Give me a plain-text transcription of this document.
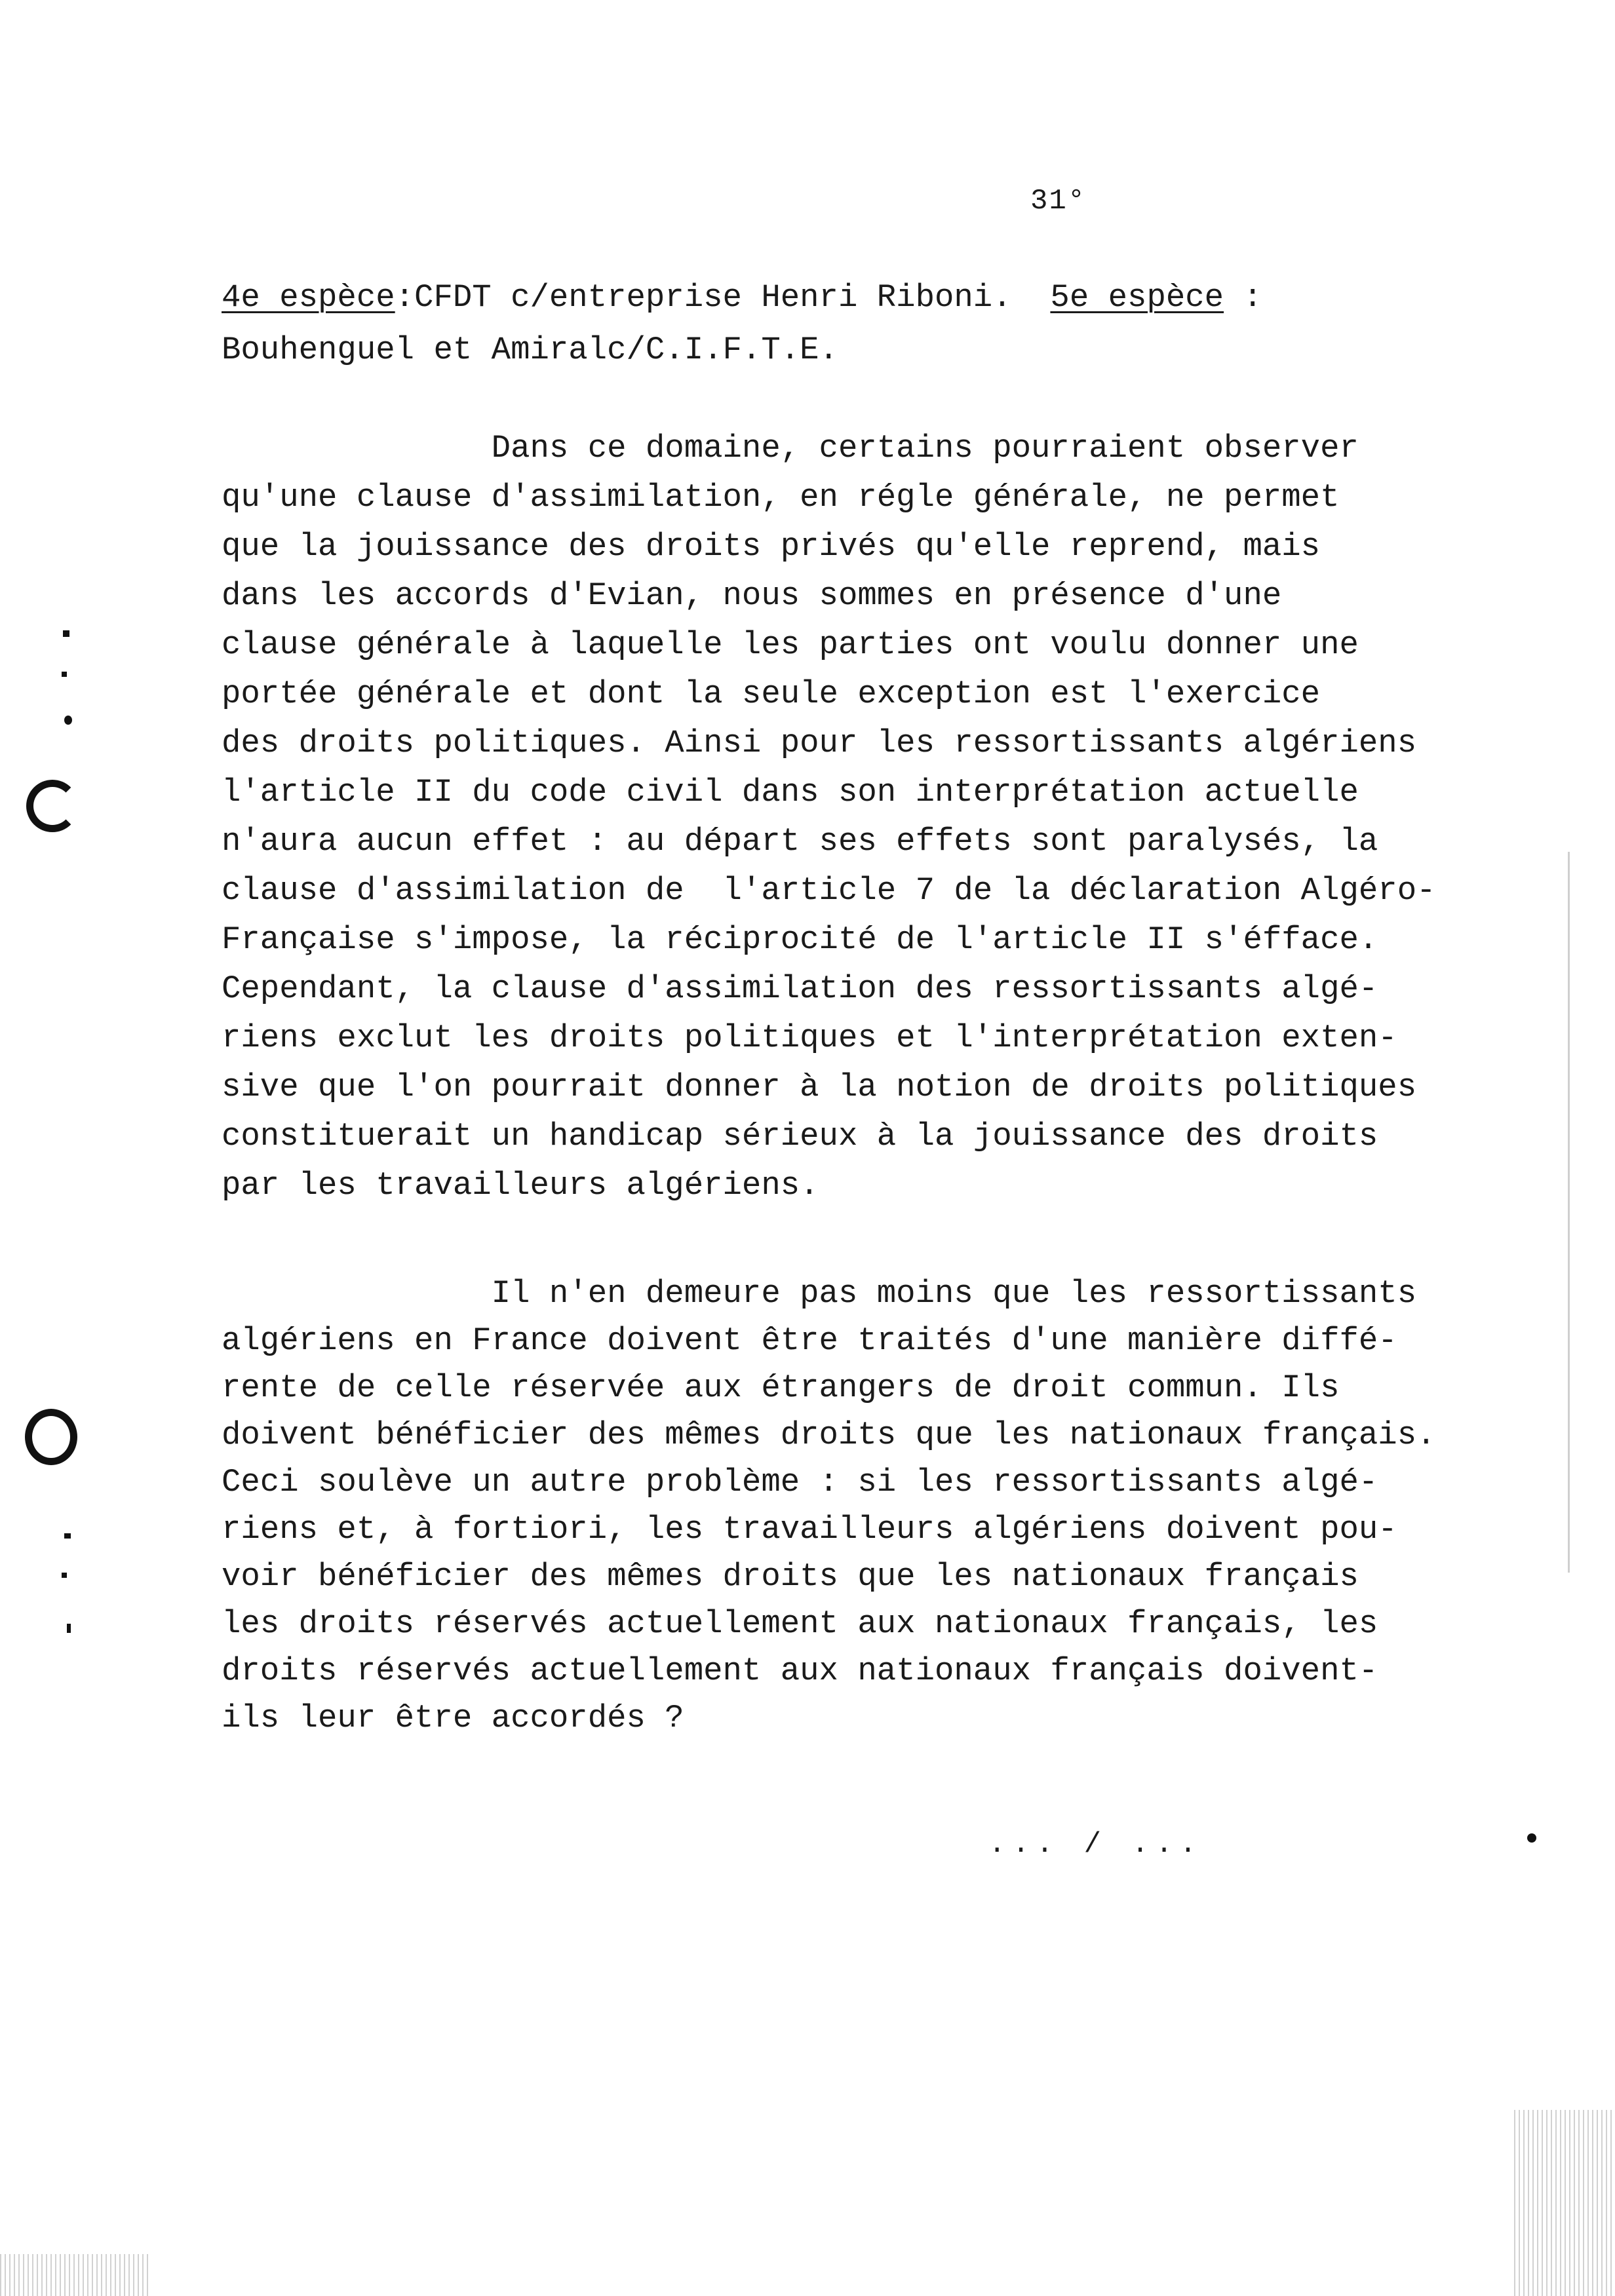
31°
4e espèce:CFDT c/entreprise Henri Riboni. 5e espèce :
Bouhenguel et Amiralc/C.I.F.T.E.
Dans ce domaine, certains pourraient observer
qu'une clause d'assimilation, en régle générale, ne permet
que la jouissance des droits privés qu'elle reprend, mais
dans les accords d'Evian, nous sommes en présence d'une
clause générale à laquelle les parties ont voulu donner une
portée générale et dont la seule exception est l'exercice
des droits politiques. Ainsi pour les ressortissants algériens
l'article II du code civil dans son interprétation actuelle
n'aura aucun effet : au départ ses effets sont paralysés, la
clause d'assimilation de  l'article 7 de la déclaration Algéro-
Française s'impose, la réciprocité de l'article II s'éfface.
Cependant, la clause d'assimilation des ressortissants algé-
riens exclut les droits politiques et l'interprétation exten-
sive que l'on pourrait donner à la notion de droits politiques
constituerait un handicap sérieux à la jouissance des droits
par les travailleurs algériens.
Il n'en demeure pas moins que les ressortissants
algériens en France doivent être traités d'une manière diffé-
rente de celle réservée aux étrangers de droit commun. Ils
doivent bénéficier des mêmes droits que les nationaux français.
Ceci soulève un autre problème : si les ressortissants algé-
riens et, à fortiori, les travailleurs algériens doivent pou-
voir bénéficier des mêmes droits que les nationaux français
les droits réservés actuellement aux nationaux français, les
droits réservés actuellement aux nationaux français doivent-
ils leur être accordés ?
... / ...
